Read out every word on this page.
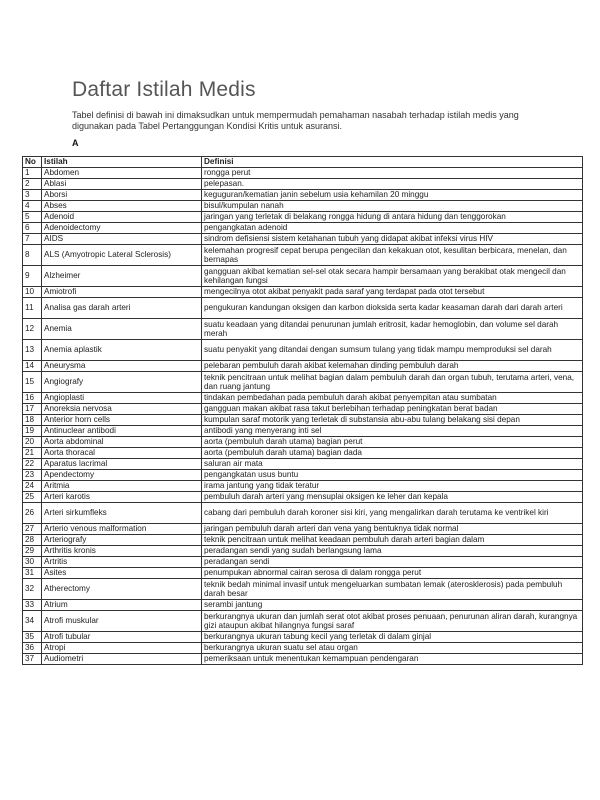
Daftar Istilah Medis

Tabel definisi di bawah ini dimaksudkan untuk mempermudah pemahaman nasabah terhadap istilah medis yang digunakan pada Tabel Pertanggungan Kondisi Kritis untuk asuransi.

A
No	Istilah	Definisi
1	Abdomen	rongga perut
2	Ablasi	pelepasan.
3	Aborsi	keguguran/kematian janin sebelum usia kehamilan 20 minggu
4	Abses	bisul/kumpulan nanah
5	Adenoid	jaringan yang terletak di belakang rongga hidung di antara hidung dan tenggorokan
6	Adenoidectomy	pengangkatan adenoid
7	AIDS	sindrom defisiensi sistem ketahanan tubuh yang didapat akibat infeksi virus HIV
8	ALS (Amyotropic Lateral Sclerosis)	kelemahan progresif cepat berupa pengecilan dan kekakuan otot, kesulitan berbicara, menelan, dan bernapas
9	Alzheimer	gangguan akibat kematian sel-sel otak secara hampir bersamaan yang berakibat otak mengecil dan kehilangan fungsi
10	Amiotrofi	mengecilnya otot akibat penyakit pada saraf yang terdapat pada otot tersebut
11	Analisa gas darah arteri	pengukuran kandungan oksigen dan karbon dioksida serta kadar keasaman darah dari darah arteri
12	Anemia	suatu keadaan yang ditandai penurunan jumlah eritrosit, kadar hemoglobin, dan volume sel darah merah
13	Anemia aplastik	suatu penyakit yang ditandai dengan sumsum tulang yang tidak mampu memproduksi sel darah
14	Aneurysma	pelebaran pembuluh darah akibat kelemahan dinding pembuluh darah
15	Angiografy	teknik pencitraan untuk melihat bagian dalam pembuluh darah dan organ tubuh, terutama arteri, vena, dan ruang jantung
16	Angioplasti	tindakan pembedahan pada pembuluh darah akibat penyempitan atau sumbatan
17	Anoreksia nervosa	gangguan makan akibat rasa takut berlebihan terhadap peningkatan berat badan
18	Anterior horn cells	kumpulan saraf motorik yang terletak di substansia abu-abu tulang belakang sisi depan
19	Antinuclear antibodi	antibodi yang menyerang inti sel
20	Aorta abdominal	aorta (pembuluh darah utama) bagian perut
21	Aorta thoracal	aorta (pembuluh darah utama) bagian dada
22	Aparatus lacrimal	saluran air mata
23	Apendectomy	pengangkatan usus buntu
24	Aritmia	irama jantung yang tidak teratur
25	Arteri karotis	pembuluh darah arteri yang mensuplai oksigen ke leher dan kepala
26	Arteri sirkumfleks	cabang dari pembuluh darah koroner sisi kiri, yang mengalirkan darah terutama ke ventrikel kiri
27	Arterio venous malformation	jaringan pembuluh darah arteri dan vena yang bentuknya tidak normal
28	Arteriografy	teknik pencitraan untuk melihat keadaan pembuluh darah arteri bagian dalam
29	Arthritis kronis	peradangan sendi yang sudah berlangsung lama
30	Artritis	peradangan sendi
31	Asites	penumpukan abnormal cairan serosa di dalam rongga perut
32	Atherectomy	teknik bedah minimal invasif untuk mengeluarkan sumbatan lemak (aterosklerosis) pada pembuluh darah besar
33	Atrium	serambi jantung
34	Atrofi muskular	berkurangnya ukuran dan jumlah serat otot akibat proses penuaan, penurunan aliran darah, kurangnya gizi ataupun akibat hilangnya fungsi saraf
35	Atrofi tubular	berkurangnya ukuran tabung kecil yang terletak di dalam ginjal
36	Atropi	berkurangnya ukuran suatu sel atau organ
37	Audiometri	pemeriksaan untuk menentukan kemampuan pendengaran
